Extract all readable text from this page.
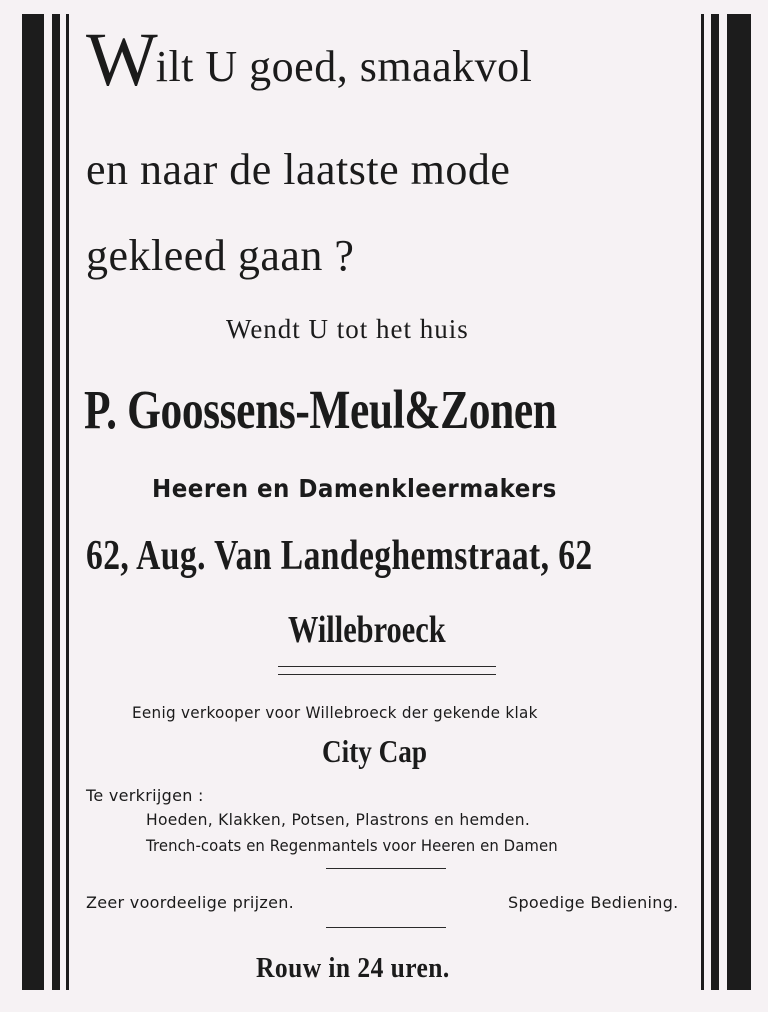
Wilt U goed, smaakvol
en naar de laatste mode
gekleed gaan ?
Wendt U tot het huis
P. Goossens-Meul&Zonen
Heeren en Damenkleermakers
62, Aug. Van Landeghemstraat, 62
Willebroeck
Eenig verkooper voor Willebroeck der gekende klak
City Cap
Te verkrijgen :
Hoeden, Klakken, Potsen, Plastrons en hemden.
Trench-coats en Regenmantels voor Heeren en Damen
Zeer voordeelige prijzen.	Spoedige Bediening.
Rouw in 24 uren.
